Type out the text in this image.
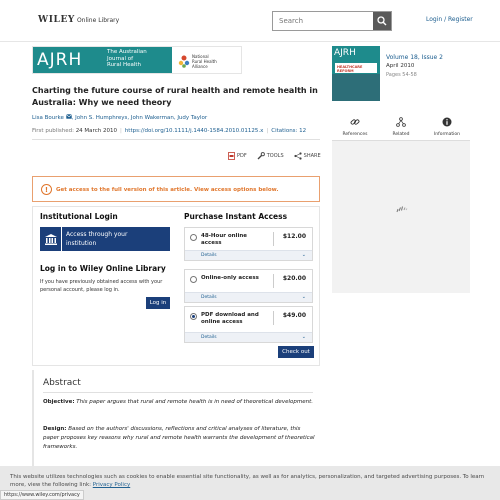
WILEY Online Library
Search	Login / Register
AJRH	The Australian
Journal of
Rural Health
National
Rural Health
Alliance
Charting the future course of rural health and remote health in Australia: Why we need theory
Lisa Bourke , John S. Humphreys, John Wakerman, Judy Taylor
First published: 24 March 2010 | https://doi.org/10.1111/j.1440-1584.2010.01125.x | Citations: 12
PDF	TOOLS	SHARE
!	Get access to the full version of this article. View access options below.
Institutional Login
Access through your
institution
Log in to Wiley Online Library
If you have previously obtained access with your personal account, please log in.
Log in
Purchase Instant Access
48-Hour online access
$12.00
Details	⌄
Online-only access	$20.00
Details	⌄
PDF download and online access
$49.00
Details	⌄
Check out
Abstract
Objective: This paper argues that rural and remote health is in need of theoretical development.
Design: Based on the authors' discussions, reflections and critical analyses of literature, this paper proposes key reasons why rural and remote health warrants the development of theoretical frameworks.
AJRH
HEALTHCARE REFORM
Volume 18, Issue 2
April 2010
Pages 54-58
References	Related	Information
This website utilizes technologies such as cookies to enable essential site functionality, as well as for analytics, personalization, and targeted advertising purposes. To learn more, view the following link: Privacy Policy
https://www.wiley.com/privacy
